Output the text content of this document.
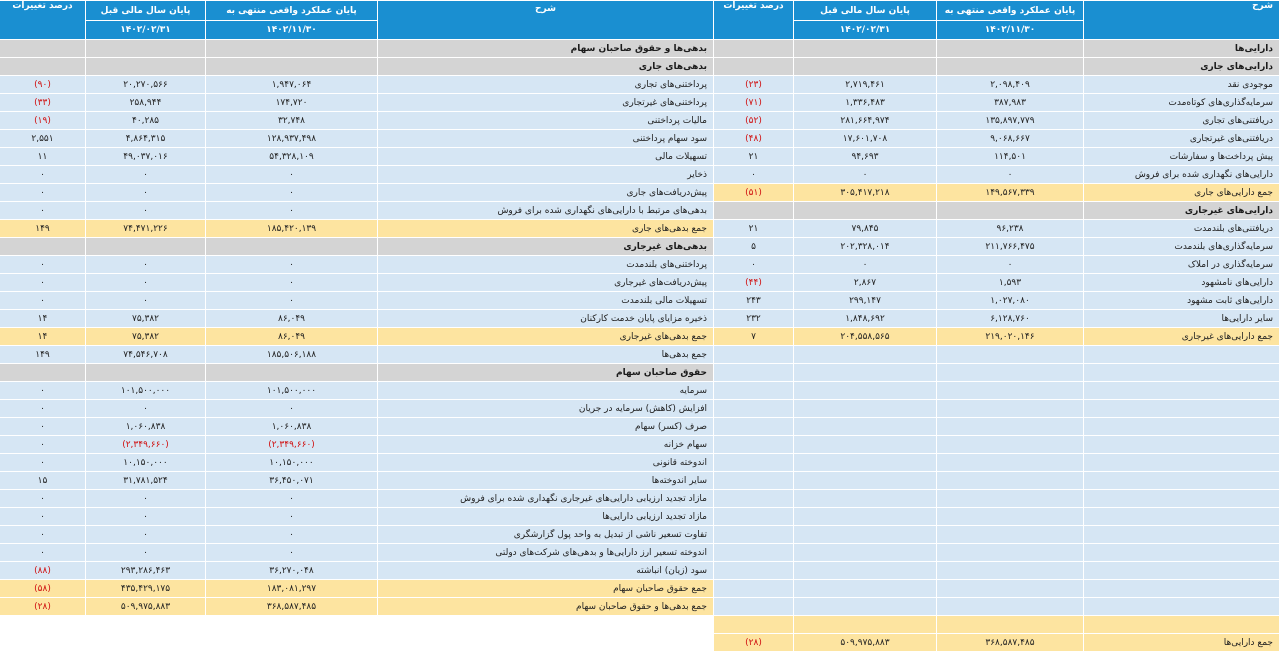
شرح	پایان عملکرد واقعی منتهی به	پایان سال مالی قبل	درصد تغییرات
	۱۴۰۲/۱۱/۳۰	۱۴۰۲/۰۲/۳۱	
دارایی‌ها			
دارایی‌های جاری			
موجودی نقد	۲,۰۹۸,۴۰۹	۲,۷۱۹,۴۶۱	(۲۳)
سرمایه‌گذاری‌های کوتاه‌مدت	۳۸۷,۹۸۳	۱,۳۳۶,۴۸۳	(۷۱)
دریافتنی‌های تجاری	۱۳۵,۸۹۷,۷۷۹	۲۸۱,۶۶۴,۹۷۴	(۵۲)
دریافتنی‌های غیرتجاری	۹,۰۶۸,۶۶۷	۱۷,۶۰۱,۷۰۸	(۴۸)
پیش پرداخت‌ها و سفارشات	۱۱۴,۵۰۱	۹۴,۶۹۳	۲۱
دارایی‌های نگهداری شده برای فروش	۰	۰	۰
جمع دارایی‌های جاری	۱۴۹,۵۶۷,۳۳۹	۳۰۵,۴۱۷,۲۱۸	(۵۱)
دارایی‌های غیرجاری			
دریافتنی‌های بلندمدت	۹۶,۲۳۸	۷۹,۸۴۵	۲۱
سرمایه‌گذاری‌های بلندمدت	۲۱۱,۷۶۶,۴۷۵	۲۰۲,۳۲۸,۰۱۴	۵
سرمایه‌گذاری در املاک	۰	۰	۰
دارایی‌های نامشهود	۱,۵۹۳	۲,۸۶۷	(۴۴)
دارایی‌های ثابت مشهود	۱,۰۲۷,۰۸۰	۲۹۹,۱۴۷	۲۴۳
سایر دارایی‌ها	۶,۱۲۸,۷۶۰	۱,۸۴۸,۶۹۲	۲۳۲
جمع دارایی‌های غیرجاری	۲۱۹,۰۲۰,۱۴۶	۲۰۴,۵۵۸,۵۶۵	۷

جمع دارایی‌ها	۳۶۸,۵۸۷,۴۸۵	۵۰۹,۹۷۵,۸۸۳	(۲۸)
شرح	پایان عملکرد واقعی منتهی به	پایان سال مالی قبل	درصد تغییرات
	۱۴۰۲/۱۱/۳۰	۱۴۰۲/۰۲/۳۱	
بدهی‌ها و حقوق صاحبان سهام			
بدهی‌های جاری			
پرداختنی‌های تجاری	۱,۹۴۷,۰۶۴	۲۰,۲۷۰,۵۶۶	(۹۰)
پرداختنی‌های غیرتجاری	۱۷۴,۷۲۰	۲۵۸,۹۴۴	(۳۳)
مالیات پرداختنی	۳۲,۷۴۸	۴۰,۲۸۵	(۱۹)
سود سهام پرداختنی	۱۲۸,۹۳۷,۴۹۸	۴,۸۶۴,۳۱۵	۲,۵۵۱
تسهیلات مالی	۵۴,۳۲۸,۱۰۹	۴۹,۰۳۷,۰۱۶	۱۱
ذخایر	۰	۰	۰
پیش‌دریافت‌های جاری	۰	۰	۰
بدهی‌های مرتبط با دارایی‌های نگهداری شده برای فروش	۰	۰	۰
جمع بدهی‌های جاری	۱۸۵,۴۲۰,۱۳۹	۷۴,۴۷۱,۲۲۶	۱۴۹
بدهی‌های غیرجاری			
پرداختنی‌های بلندمدت	۰	۰	۰
پیش‌دریافت‌های غیرجاری	۰	۰	۰
تسهیلات مالی بلندمدت	۰	۰	۰
ذخیره مزایای پایان خدمت کارکنان	۸۶,۰۴۹	۷۵,۳۸۲	۱۴
جمع بدهی‌های غیرجاری	۸۶,۰۴۹	۷۵,۳۸۲	۱۴
جمع بدهی‌ها	۱۸۵,۵۰۶,۱۸۸	۷۴,۵۴۶,۷۰۸	۱۴۹
حقوق صاحبان سهام			
سرمایه	۱۰۱,۵۰۰,۰۰۰	۱۰۱,۵۰۰,۰۰۰	۰
افزایش (کاهش) سرمایه در جریان	۰	۰	۰
صرف (کسر) سهام	۱,۰۶۰,۸۳۸	۱,۰۶۰,۸۳۸	۰
سهام خزانه	(۲,۳۴۹,۶۶۰)	(۲,۳۴۹,۶۶۰)	۰
اندوخته قانونی	۱۰,۱۵۰,۰۰۰	۱۰,۱۵۰,۰۰۰	۰
سایر اندوخته‌ها	۳۶,۴۵۰,۰۷۱	۳۱,۷۸۱,۵۲۴	۱۵
مازاد تجدید ارزیابی دارایی‌های غیرجاری نگهداری شده برای فروش	۰	۰	۰
مازاد تجدید ارزیابی دارایی‌ها	۰	۰	۰
تفاوت تسعیر ناشی از تبدیل به واحد پول گزارشگری	۰	۰	۰
اندوخته تسعیر ارز دارایی‌ها و بدهی‌های شرکت‌های دولتی	۰	۰	۰
سود (زیان) انباشته	۳۶,۲۷۰,۰۴۸	۲۹۳,۲۸۶,۴۶۳	(۸۸)
جمع حقوق صاحبان سهام	۱۸۳,۰۸۱,۲۹۷	۴۳۵,۴۲۹,۱۷۵	(۵۸)
جمع بدهی‌ها و حقوق صاحبان سهام	۳۶۸,۵۸۷,۴۸۵	۵۰۹,۹۷۵,۸۸۳	(۲۸)
